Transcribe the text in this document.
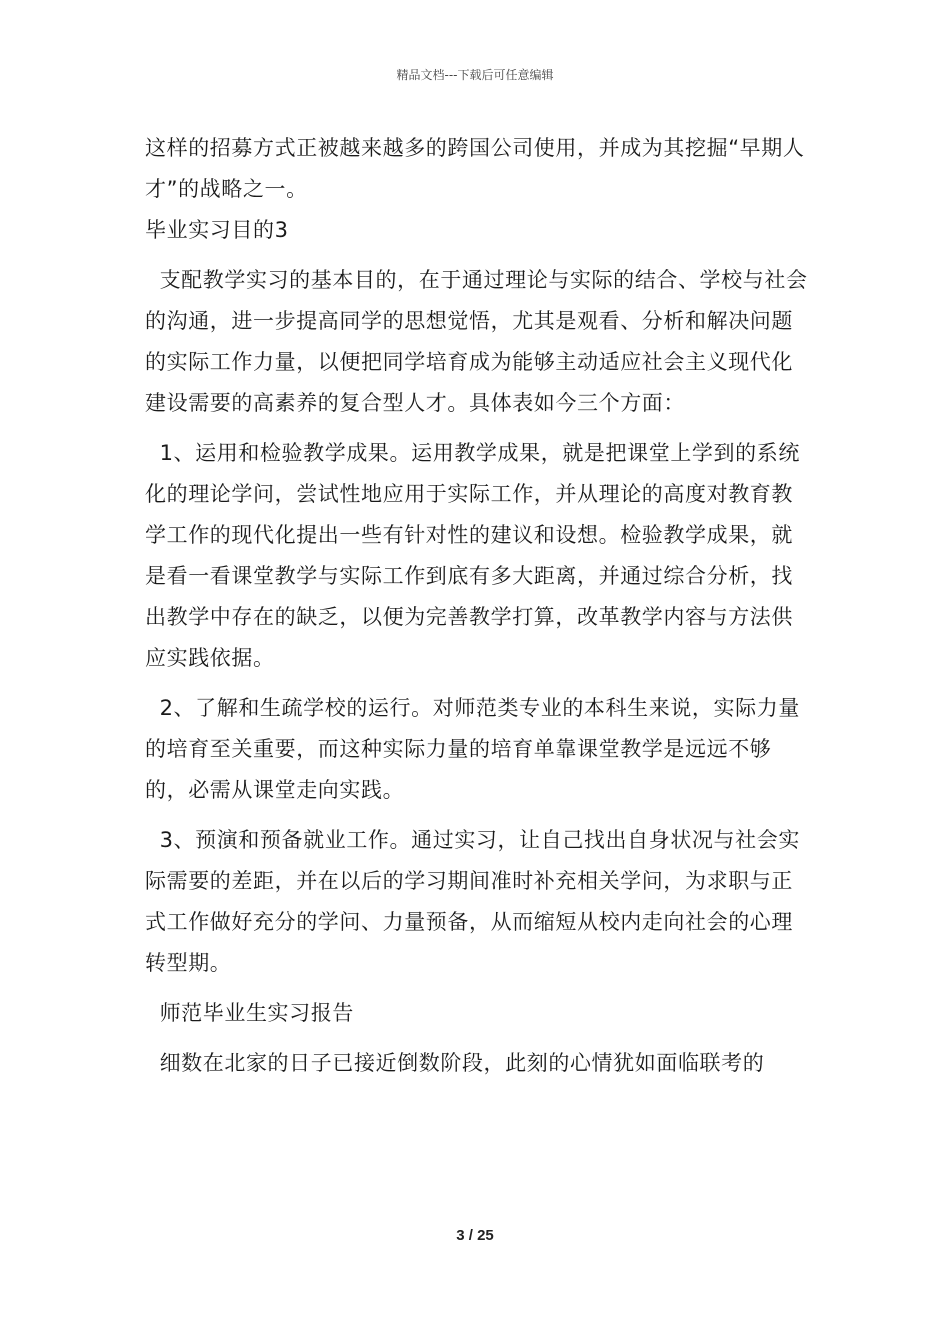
精品文档---下载后可任意编辑

这样的招募方式正被越来越多的跨国公司使用，并成为其挖掘“早期人才”的战略之一。

毕业实习目的3

支配教学实习的基本目的，在于通过理论与实际的结合、学校与社会的沟通，进一步提高同学的思想觉悟，尤其是观看、分析和解决问题的实际工作力量，以便把同学培育成为能够主动适应社会主义现代化建设需要的高素养的复合型人才。具体表如今三个方面：

1、运用和检验教学成果。运用教学成果，就是把课堂上学到的系统化的理论学问，尝试性地应用于实际工作，并从理论的高度对教育教学工作的现代化提出一些有针对性的建议和设想。检验教学成果，就是看一看课堂教学与实际工作到底有多大距离，并通过综合分析，找出教学中存在的缺乏，以便为完善教学打算，改革教学内容与方法供应实践依据。

2、了解和生疏学校的运行。对师范类专业的本科生来说，实际力量的培育至关重要，而这种实际力量的培育单靠课堂教学是远远不够的，必需从课堂走向实践。

3、预演和预备就业工作。通过实习，让自己找出自身状况与社会实际需要的差距，并在以后的学习期间准时补充相关学问，为求职与正式工作做好充分的学问、力量预备，从而缩短从校内走向社会的心理转型期。

师范毕业生实习报告

细数在北家的日子已接近倒数阶段，此刻的心情犹如面临联考的

3 / 25
